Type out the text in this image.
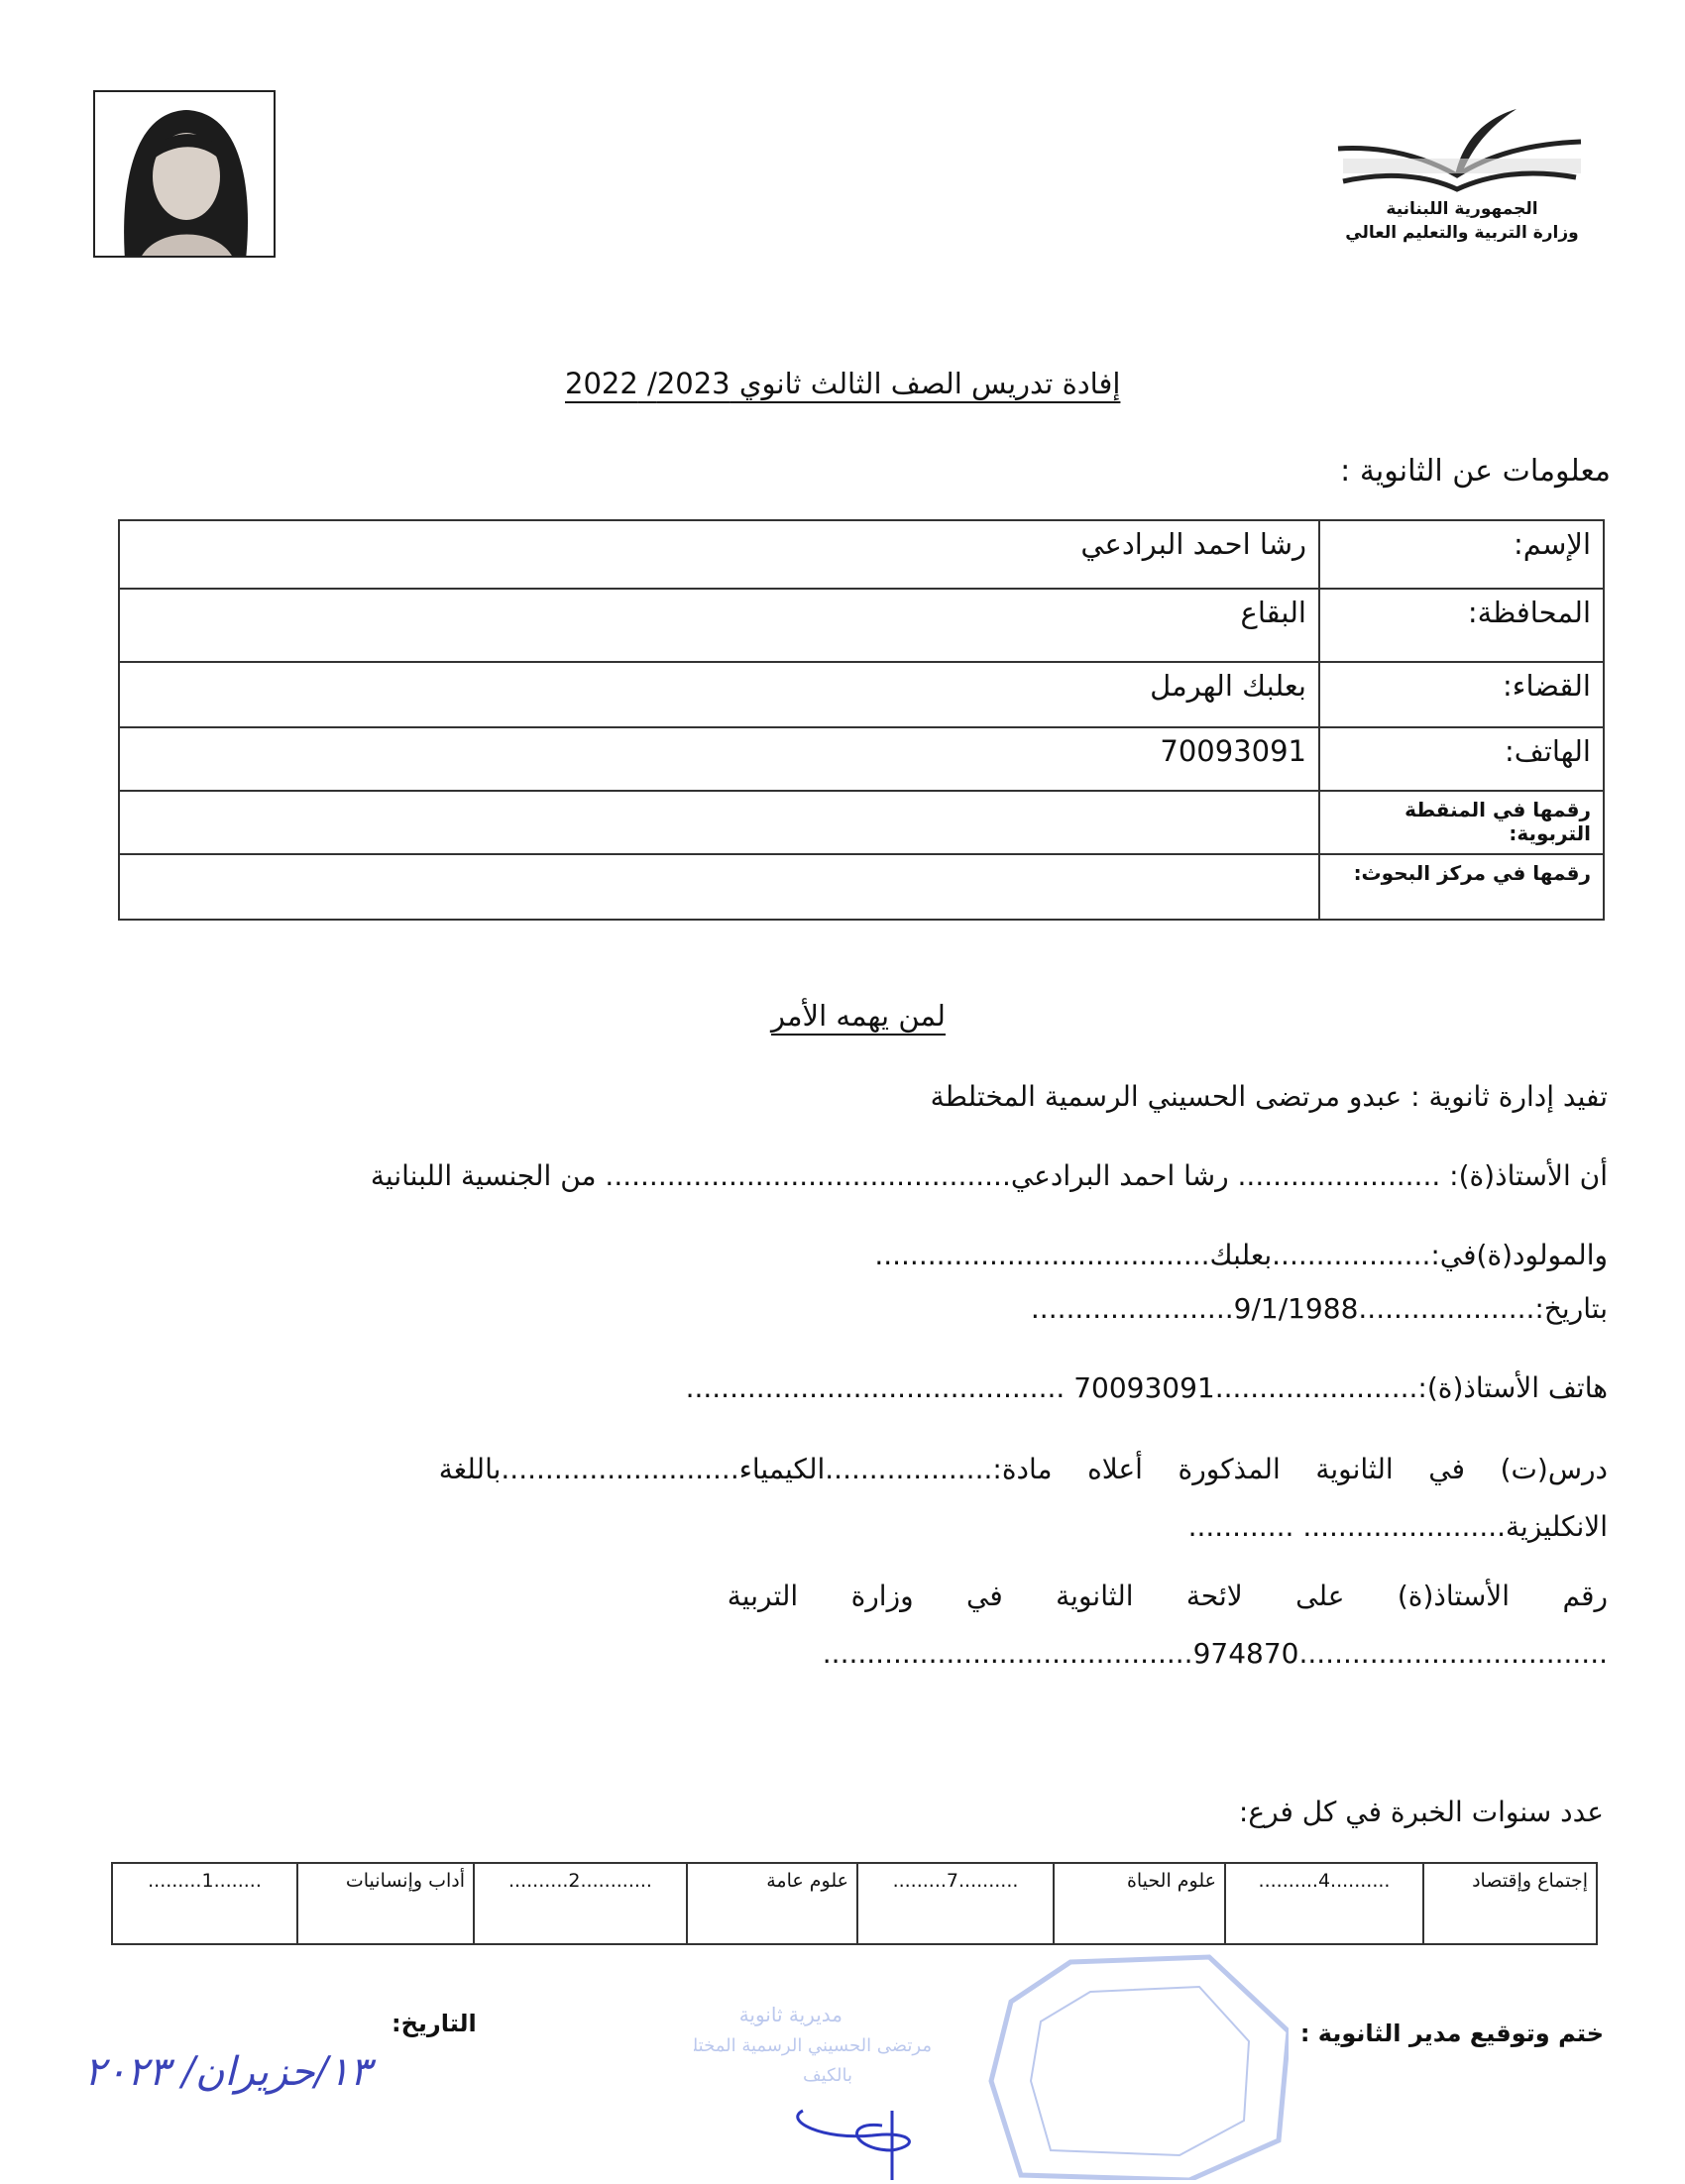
الجمهورية اللبنانية
وزارة التربية والتعليم العالي
إفادة تدريس الصف الثالث ثانوي 2023/ 2022
معلومات عن الثانوية :
الإسم:	رشا احمد البرادعي
المحافظة:	البقاع
القضاء:	بعلبك الهرمل
الهاتف:	70093091
رقمها في المنقطة التربوية:	
رقمها في مركز البحوث:	
لمن يهمه الأمر
تفيد إدارة ثانوية : عبدو مرتضى الحسيني الرسمية المختلطة
أن الأستاذ(ة): ....................... رشا احمد البرادعي.............................................. من الجنسية اللبنانية
والمولود(ة)في:..................بعلبك......................................
بتاريخ:....................9/1/1988.......................
هاتف الأستاذ(ة):.......................70093091 ...........................................
درس(ت)    في    الثانوية    المذكورة    أعلاه    مادة:...................الكيمياء...........................باللغة
الانكليزية....................... ............
رقم      الأستاذ(ة)      على      لائحة      الثانوية      في      وزارة      التربية
...................................974870..........................................
عدد سنوات الخبرة في كل فرع:
إجتماع وإقتصاد	..........4..........	علوم الحياة	..........7.........	علوم عامة	............2..........	أداب وإنسانيات	........1.........
ختم وتوقيع مدير الثانوية :
التاريخ:
١٣/حزيران/ ٢٠٢٣
مديرية ثانوية
مرتضى الحسيني الرسمية المختلطة
بالكيف
